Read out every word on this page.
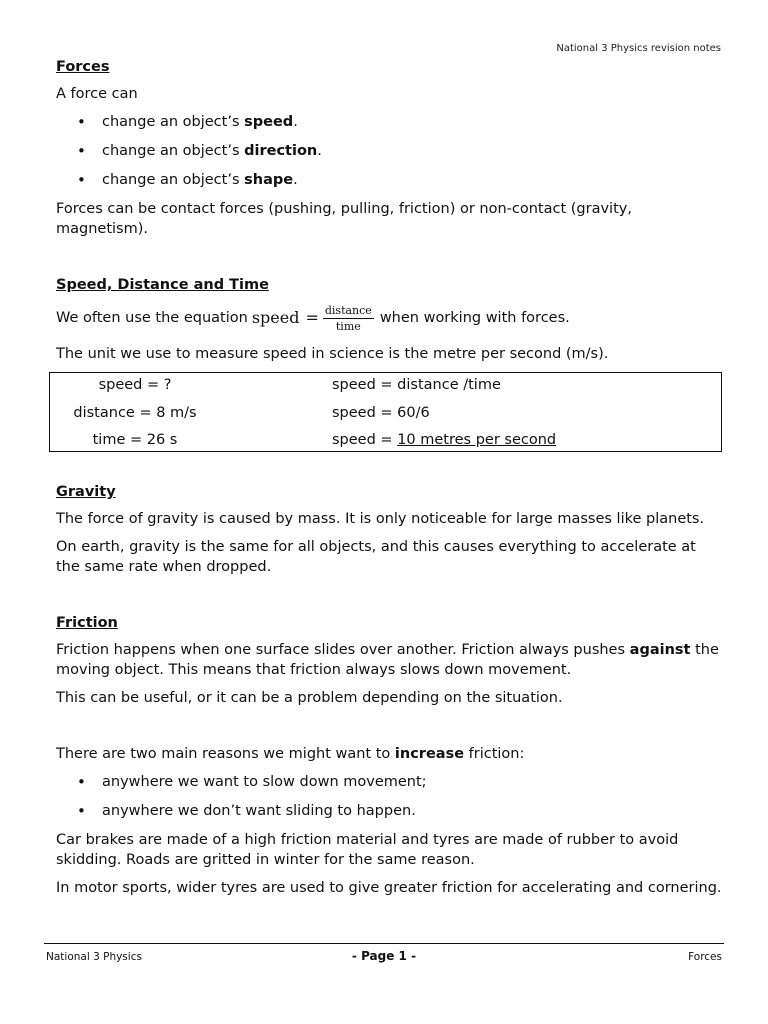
National 3 Physics revision notes
Forces

A force can

• change an object’s speed.
• change an object’s direction.
• change an object’s shape.

Forces can be contact forces (pushing, pulling, friction) or non-contact (gravity, magnetism).

Speed, Distance and Time
We often use the equation speed = $\frac{\text{distance}}{\text{time}}$ when working with forces.

The unit we use to measure speed in science is the metre per second (m/s).

speed = ?	speed = distance /time
distance = 8 m/s	speed = 60/6
time = 26 s	speed = 10 metres per second
Gravity

The force of gravity is caused by mass. It is only noticeable for large masses like planets.

On earth, gravity is the same for all objects, and this causes everything to accelerate at the same rate when dropped.

Friction

Friction happens when one surface slides over another. Friction always pushes against the moving object. This means that friction always slows down movement.

This can be useful, or it can be a problem depending on the situation.

There are two main reasons we might want to increase friction:

• anywhere we want to slow down movement;
• anywhere we don’t want sliding to happen.

Car brakes are made of a high friction material and tyres are made of rubber to avoid skidding. Roads are gritted in winter for the same reason.

In motor sports, wider tyres are used to give greater friction for accelerating and cornering.

National 3 Physics	- Page 1 -	Forces
